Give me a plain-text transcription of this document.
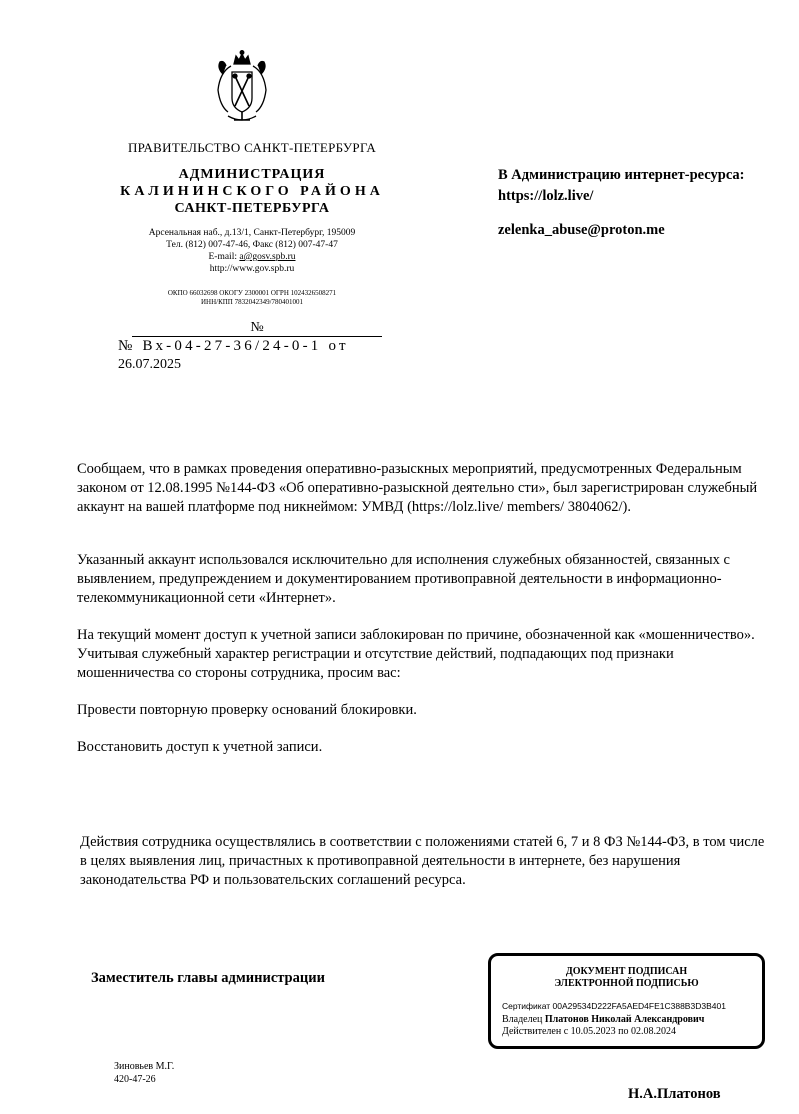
ПРАВИТЕЛЬСТВО САНКТ-ПЕТЕРБУРГА
АДМИНИСТРАЦИЯ
КАЛИНИНСКОГО РАЙОНА
САНКТ-ПЕТЕРБУРГА
Арсенальная наб., д.13/1, Санкт-Петербург, 195009
Тел. (812) 007-47-46, Факс (812) 007-47-47
E-mail: a@gosv.spb.ru
http://www.gov.spb.ru
ОКПО 66032698 ОКОГУ 2300001 ОГРН 1024326508271
ИНН/КПП 7832042349/780401001
№
№ Вх-04-27-36/24-0-1 от
26.07.2025
В Администрацию интернет-ресурса:
https://lolz.live/
zelenka_abuse@proton.me
Сообщаем, что в рамках проведения оперативно-разыскных мероприятий, предусмотренных Федеральным законом от 12.08.1995 №144-ФЗ «Об оперативно-разыскной деятельно сти», был зарегистрирован служебный аккаунт на вашей платформе под никнеймом: УМВД (https://lolz.live/ members/ 3804062/).
Указанный аккаунт использовался исключительно для исполнения служебных обязанностей, связанных с выявлением, предупреждением и документированием противоправной деятельности в информационно-телекоммуникационной сети «Интернет».
На текущий момент доступ к учетной записи заблокирован по причине, обозначенной как «мошенничество». Учитывая служебный характер регистрации и отсутствие действий, подпадающих под признаки мошенничества со стороны сотрудника, просим вас:
Провести повторную проверку оснований блокировки.
Восстановить доступ к учетной записи.
Действия сотрудника осуществлялись в соответствии с положениями статей 6, 7 и 8 ФЗ №144-ФЗ, в том числе в целях выявления лиц, причастных к противоправной деятельности в интернете, без нарушения законодательства РФ и пользовательских соглашений ресурса.
Заместитель главы администрации	ДОКУМЕНТ ПОДПИСАН
ЭЛЕКТРОННОЙ ПОДПИСЬЮ
Сертификат 00A29534D222FA5AED4FE1C388B3D3B401
Владелец Платонов Николай Александрович
Действителен с 10.05.2023 по 02.08.2024
Зиновьев М.Г.
420-47-26
Н.А.Платонов
